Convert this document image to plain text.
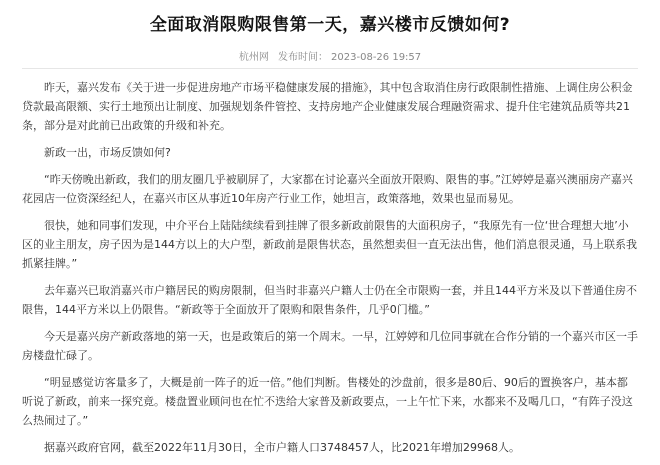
全面取消限购限售第一天，嘉兴楼市反馈如何?
杭州网 发布时间： 2023-08-26 19:57

昨天，嘉兴发布《关于进一步促进房地产市场平稳健康发展的措施》，其中包含取消住房行政限制性措施、上调住房公积金贷款最高限额、实行土地预出让制度、加强规划条件管控、支持房地产企业健康发展合理融资需求、提升住宅建筑品质等共21条，部分是对此前已出政策的升级和补充。

新政一出，市场反馈如何?

“昨天傍晚出新政，我们的朋友圈几乎被刷屏了，大家都在讨论嘉兴全面放开限购、限售的事。”江婷婷是嘉兴澳丽房产嘉兴花园店一位资深经纪人，在嘉兴市区从事近10年房产行业工作，她坦言，政策落地，效果也显而易见。

很快，她和同事们发现，中介平台上陆陆续续看到挂牌了很多新政前限售的大面积房子，“我原先有一位‘世合理想大地’小区的业主朋友，房子因为是144方以上的大户型，新政前是限售状态，虽然想卖但一直无法出售，他们消息很灵通，马上联系我抓紧挂牌。”

去年嘉兴已取消嘉兴市户籍居民的购房限制，但当时非嘉兴户籍人士仍在全市限购一套，并且144平方米及以下普通住房不限售，144平方米以上仍限售。“新政等于全面放开了限购和限售条件，几乎0门槛。”

今天是嘉兴房产新政落地的第一天，也是政策后的第一个周末。一早，江婷婷和几位同事就在合作分销的一个嘉兴市区一手房楼盘忙碌了。

“明显感觉访客量多了，大概是前一阵子的近一倍。”他们判断。售楼处的沙盘前，很多是80后、90后的置换客户，基本都听说了新政，前来一探究竟。楼盘置业顾问也在忙不迭给大家普及新政要点，一上午忙下来，水都来不及喝几口，“有阵子没这么热闹过了。”

据嘉兴政府官网，截至2022年11月30日，全市户籍人口3748457人，比2021年增加29968人。
